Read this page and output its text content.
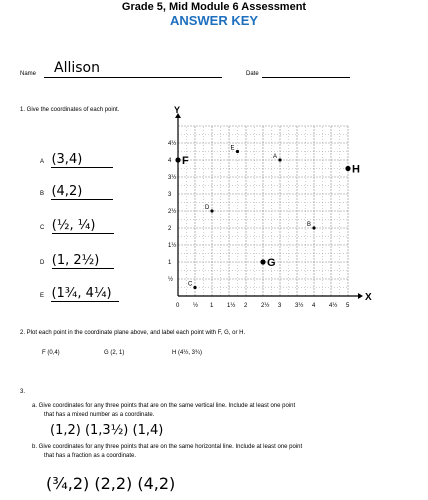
Grade 5, Mid Module 6 Assessment
ANSWER KEY
Name Allison	Date
1. Give the coordinates of each point.
A (3,4)
B (4,2)
C (½, ¼)
D (1, 2½)
E (1¾, 4¼)	X
Y
0 ½ 1 1½ 2 2½ 3 3½ 4 4½ 5
½
1
1½
2
2½
3
3½
4
4½
A
B
C
D
E
F
G
H
2. Plot each point in the coordinate plane above, and label each point with F, G, or H.
F (0,4)	G (2, 1)	H (4½, 3¾)
3.
a. Give coordinates for any three points that are on the same vertical line. Include at least one point
that has a mixed number as a coordinate.
(1,2) (1,3½) (1,4)
b. Give coordinates for any three points that are on the same horizontal line. Include at least one point
that has a fraction as a coordinate.
(¾,2) (2,2) (4,2)
